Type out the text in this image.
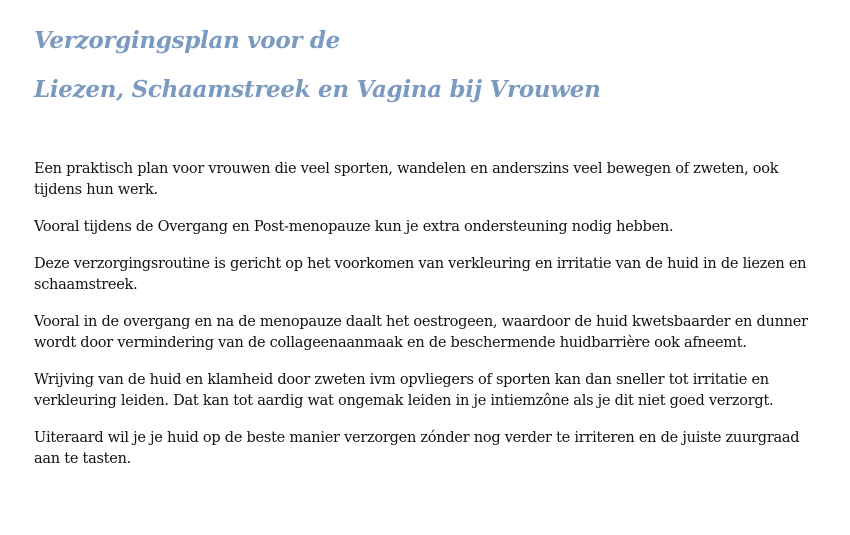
Verzorgingsplan voor de
Liezen, Schaamstreek en Vagina bij Vrouwen

Een praktisch plan voor vrouwen die veel sporten, wandelen en anderszins veel bewegen of zweten, ook tijdens hun werk.

Vooral tijdens de Overgang en Post-menopauze kun je extra ondersteuning nodig hebben.

Deze verzorgingsroutine is gericht op het voorkomen van verkleuring en irritatie van de huid in de liezen en schaamstreek.

Vooral in de overgang en na de menopauze daalt het oestrogeen, waardoor de huid kwetsbaarder en dunner wordt door vermindering van de collageenaanmaak en de beschermende huidbarrière ook afneemt.

Wrijving van de huid en klamheid door zweten ivm opvliegers of sporten kan dan sneller tot irritatie en verkleuring leiden. Dat kan tot aardig wat ongemak leiden in je intiemzône als je dit niet goed verzorgt.

Uiteraard wil je je huid op de beste manier verzorgen zónder nog verder te irriteren en de juiste zuurgraad aan te tasten.
